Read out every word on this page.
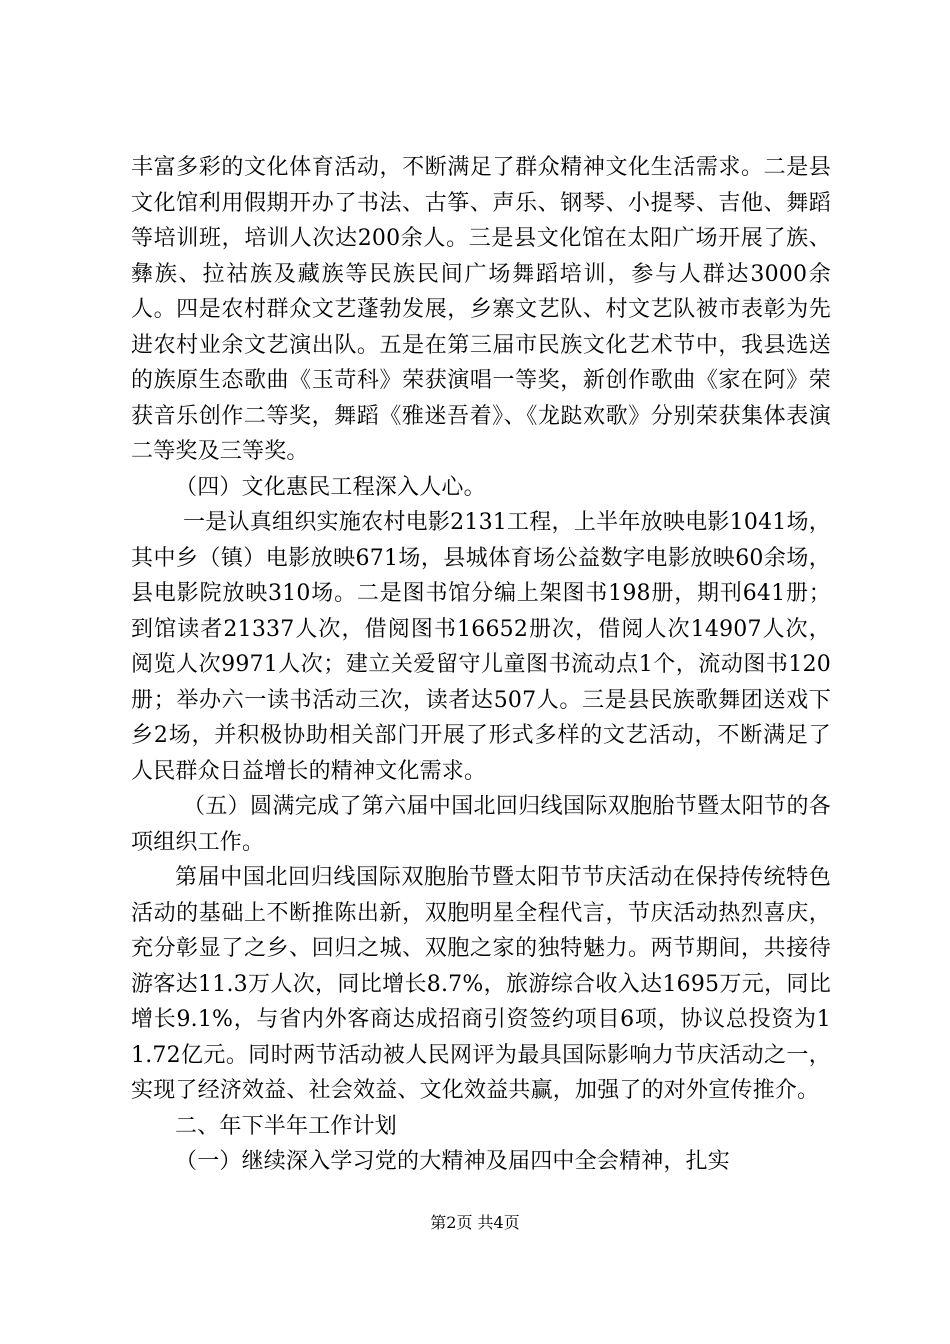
丰富多彩的文化体育活动，不断满足了群众精神文化生活需求。二是县文化馆利用假期开办了书法、古筝、声乐、钢琴、小提琴、吉他、舞蹈等培训班，培训人次达200余人。三是县文化馆在太阳广场开展了族、彝族、拉祜族及藏族等民族民间广场舞蹈培训，参与人群达3000余人。四是农村群众文艺蓬勃发展，乡寨文艺队、村文艺队被市表彰为先进农村业余文艺演出队。五是在第三届市民族文化艺术节中，我县选送的族原生态歌曲《玉苛科》荣获演唱一等奖，新创作歌曲《家在阿》荣获音乐创作二等奖，舞蹈《雅迷吾着》、《龙跶欢歌》分别荣获集体表演二等奖及三等奖。

（四）文化惠民工程深入人心。

一是认真组织实施农村电影2131工程，上半年放映电影1041场，其中乡（镇）电影放映671场，县城体育场公益数字电影放映60余场，县电影院放映310场。二是图书馆分编上架图书198册，期刊641册；到馆读者21337人次，借阅图书16652册次，借阅人次14907人次，阅览人次9971人次；建立关爱留守儿童图书流动点1个，流动图书120册；举办六一读书活动三次，读者达507人。三是县民族歌舞团送戏下乡2场，并积极协助相关部门开展了形式多样的文艺活动，不断满足了人民群众日益增长的精神文化需求。

（五）圆满完成了第六届中国北回归线国际双胞胎节暨太阳节的各项组织工作。

第届中国北回归线国际双胞胎节暨太阳节节庆活动在保持传统特色活动的基础上不断推陈出新，双胞明星全程代言，节庆活动热烈喜庆，充分彰显了之乡、回归之城、双胞之家的独特魅力。两节期间，共接待游客达11.3万人次，同比增长8.7%，旅游综合收入达1695万元，同比增长9.1%，与省内外客商达成招商引资签约项目6项，协议总投资为11.72亿元。同时两节活动被人民网评为最具国际影响力节庆活动之一，实现了经济效益、社会效益、文化效益共赢，加强了的对外宣传推介。

二、年下半年工作计划

（一）继续深入学习党的大精神及届四中全会精神，扎实

第2页 共4页
